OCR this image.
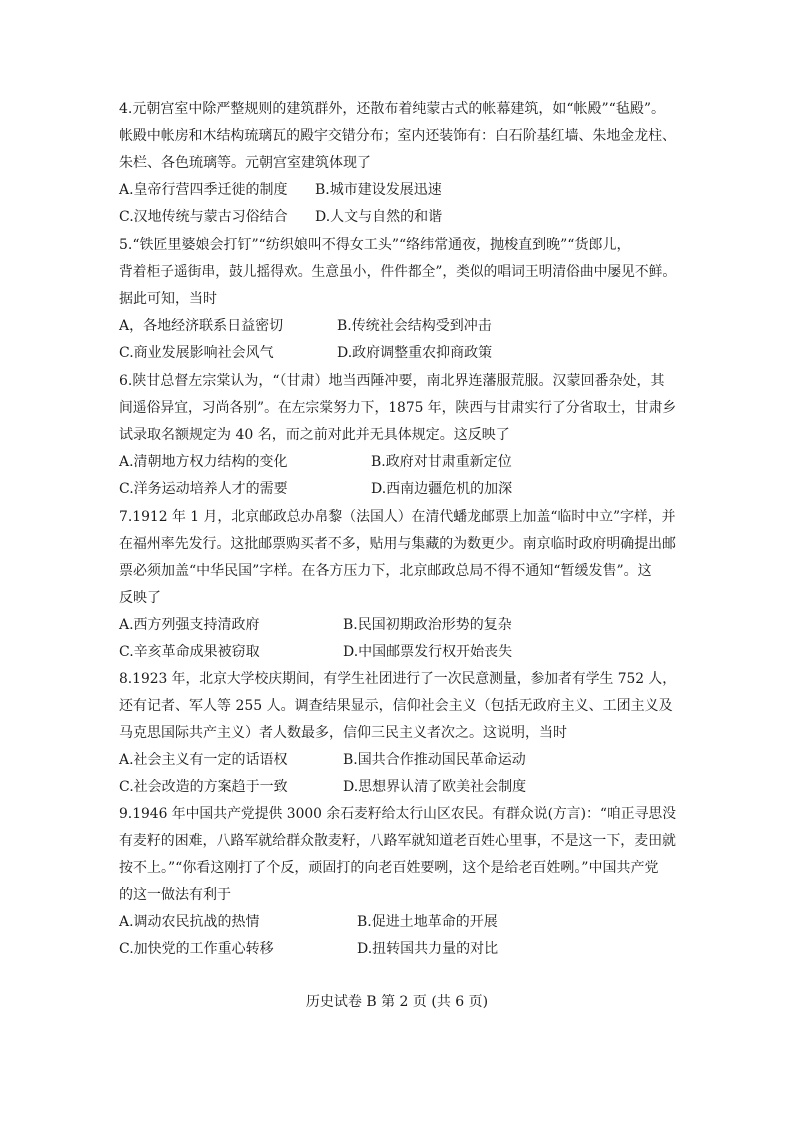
4.元朝宫室中除严整规则的建筑群外，还散布着纯蒙古式的帐幕建筑，如“帐殿”“毡殿”。
帐殿中帐房和木结构琉璃瓦的殿宇交错分布；室内还装饰有：白石阶基红墙、朱地金龙柱、
朱栏、各色琉璃等。元朝宫室建筑体现了
A.皇帝行营四季迁徙的制度 B.城市建设发展迅速
C.汉地传统与蒙古习俗结合 D.人文与自然的和谐
5.“铁匠里婆娘会打钉”“纺织娘叫不得女工头”“络纬常通夜，抛梭直到晚”“货郎儿，
背着柜子遥街串，鼓儿摇得欢。生意虽小，件件都全”，类似的唱词王明清俗曲中屡见不鲜。
据此可知，当时
A，各地经济联系日益密切	B.传统社会结构受到冲击
C.商业发展影响社会风气	D.政府调整重农抑商政策
6.陕甘总督左宗棠认为，“（甘肃）地当西陲冲要，南北界连藩服荒服。汉蒙回番杂处，其
间遥俗异宜，习尚各别”。在左宗棠努力下，1875 年，陕西与甘肃实行了分省取士，甘肃乡
试录取名额规定为 40 名，而之前对此并无具体规定。这反映了
A.清朝地方权力结构的变化	B.政府对甘肃重新定位
C.洋务运动培养人才的需要	D.西南边疆危机的加深
7.1912 年 1 月，北京邮政总办帛黎（法国人）在清代蟠龙邮票上加盖“临时中立”字样，并
在福州率先发行。这批邮票购买者不多，贴用与集藏的为数更少。南京临时政府明确提出邮
票必须加盖“中华民国”字样。在各方压力下，北京邮政总局不得不通知“暂缓发售”。这
反映了
A.西方列强支持清政府	B.民国初期政治形势的复杂
C.辛亥革命成果被窃取	D.中国邮票发行权开始丧失
8.1923 年，北京大学校庆期间，有学生社团进行了一次民意测量，参加者有学生 752 人，
还有记者、军人等 255 人。调查结果显示，信仰社会主义（包括无政府主义、工团主义及
马克思国际共产主义）者人数最多，信仰三民主义者次之。这说明，当时
A.社会主义有一定的话语权	B.国共合作推动国民革命运动
C.社会改造的方案趋于一致	D.思想界认清了欧美社会制度
9.1946 年中国共产党提供 3000 余石麦籽给太行山区农民。有群众说(方言)：“咱正寻思没
有麦籽的困难，八路军就给群众散麦籽，八路军就知道老百姓心里事，不是这一下，麦田就
按不上。”“你看这刚打了个反，顽固打的向老百姓要咧，这个是给老百姓咧。”中国共产党
的这一做法有利于
A.调动农民抗战的热情	B.促进土地革命的开展
C.加快党的工作重心转移	D.扭转国共力量的对比
历史试卷 B 第 2 页 (共 6 页)
